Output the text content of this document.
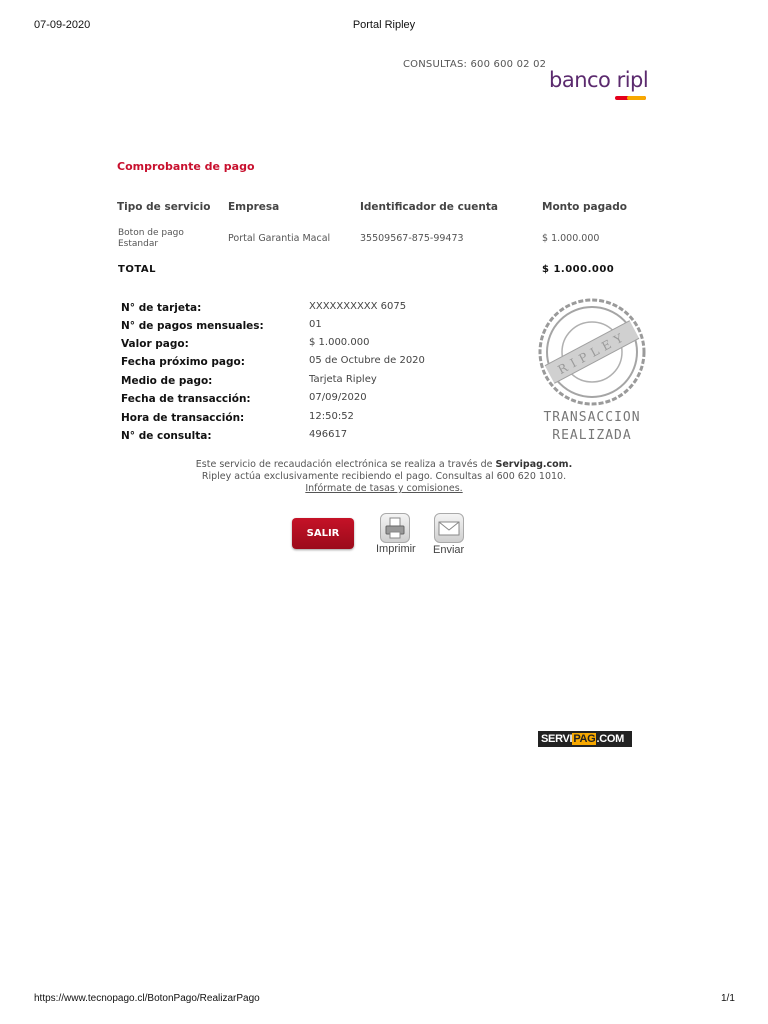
07-09-2020	Portal Ripley
CONSULTAS: 600 600 02 02
banco ripl
Comprobante de pago
Tipo de servicio Empresa	Identificador de cuenta	Monto pagado
Boton de pago
Estandar	Portal Garantia Macal	35509567-875-99473	$ 1.000.000
TOTAL	$ 1.000.000
N° de tarjeta:	XXXXXXXXXX 6075
N° de pagos mensuales:	01
Valor pago:	$ 1.000.000
Fecha próximo pago:	05 de Octubre de 2020
Medio de pago:	Tarjeta Ripley
Fecha de transacción:	07/09/2020
Hora de transacción:	12:50:52
N° de consulta:	496617
RIPLEY
TRANSACCION
REALIZADA
Este servicio de recaudación electrónica se realiza a través de Servipag.com.
Ripley actúa exclusivamente recibiendo el pago. Consultas al 600 620 1010.
Infórmate de tasas y comisiones.
SALIR
Imprimir Enviar
SERVIPAG.COM
https://www.tecnopago.cl/BotonPago/RealizarPago	1/1
